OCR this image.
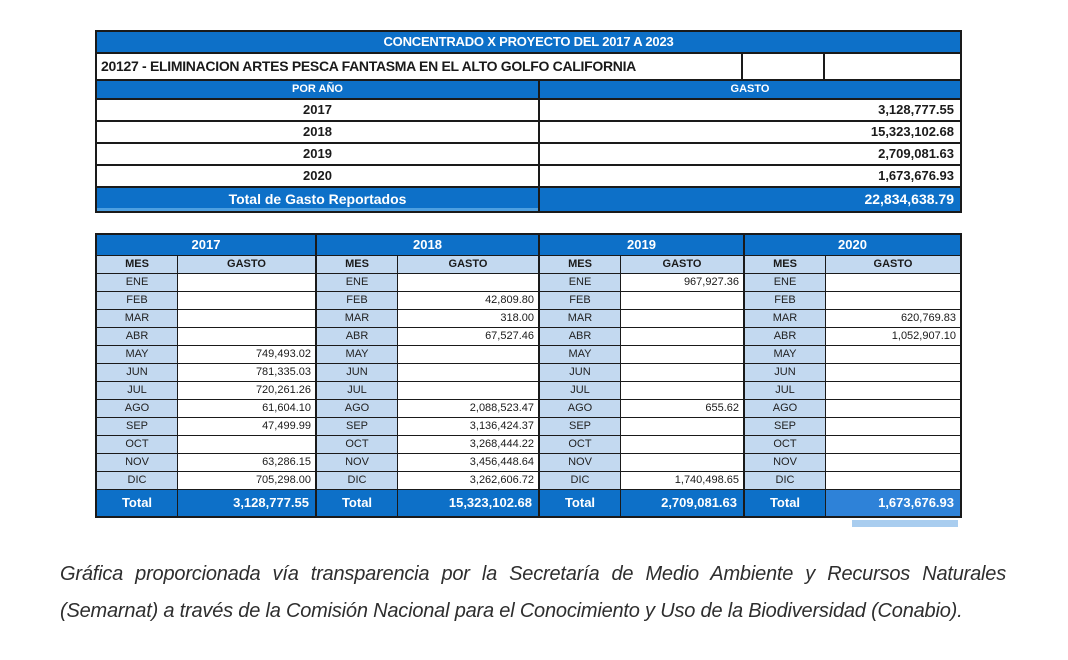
CONCENTRADO X PROYECTO DEL 2017 A 2023
20127 - ELIMINACION ARTES PESCA FANTASMA EN EL ALTO GOLFO CALIFORNIA
POR AÑO	GASTO
2017	3,128,777.55
2018	15,323,102.68
2019	2,709,081.63
2020	1,673,676.93
Total de Gasto Reportados	22,834,638.79
2017
MES	GASTO
ENE
FEB
MAR
ABR
MAY	749,493.02
JUN	781,335.03
JUL	720,261.26
AGO	61,604.10
SEP	47,499.99
OCT
NOV	63,286.15
DIC	705,298.00
Total	3,128,777.55
2018
MES	GASTO
ENE
FEB	42,809.80
MAR	318.00
ABR	67,527.46
MAY
JUN
JUL
AGO	2,088,523.47
SEP	3,136,424.37
OCT	3,268,444.22
NOV	3,456,448.64
DIC	3,262,606.72
Total	15,323,102.68
2019
MES	GASTO
ENE	967,927.36
FEB
MAR
ABR
MAY
JUN
JUL
AGO	655.62
SEP
OCT
NOV
DIC	1,740,498.65
Total	2,709,081.63
2020
MES	GASTO
ENE
FEB
MAR	620,769.83
ABR	1,052,907.10
MAY
JUN
JUL
AGO
SEP
OCT
NOV
DIC
Total	1,673,676.93

Gráfica proporcionada vía transparencia por la Secretaría de Medio Ambiente y Recursos Naturales (Semarnat) a través de la Comisión Nacional para el Conocimiento y Uso de la Biodiversidad (Conabio).
